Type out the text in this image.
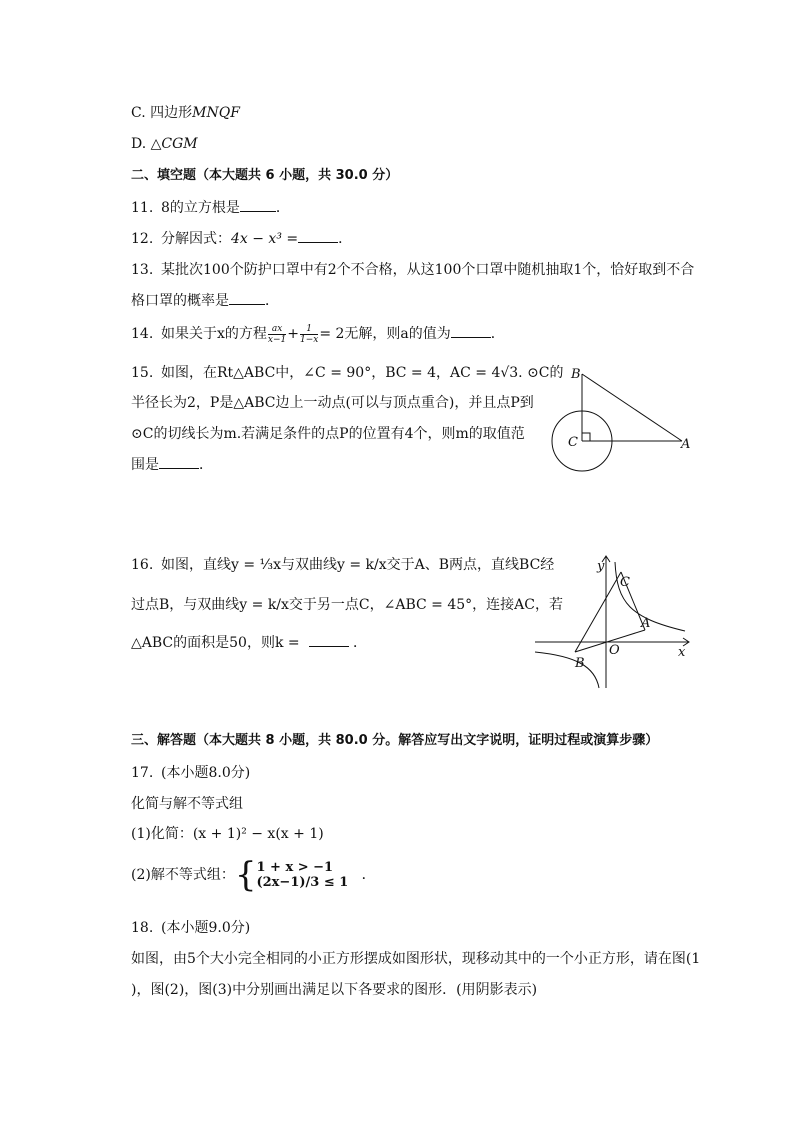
C. 四边形MNQF
D. △CGM
二、填空题（本大题共 6 小题，共 30.0 分）
11. 8的立方根是	．
12. 分解因式：4x − x³ =	．
13. 某批次100个防护口罩中有2个不合格，从这100个口罩中随机抽取1个，恰好取到不合
格口罩的概率是	．
14. 如果关于x的方程 $\frac{ax}{x-1} + \frac{1}{1-x} = 2$无解，则a的值为	．
15. 如图，在Rt△ABC中，∠C = 90°，BC = 4，AC = 4√3. ⊙C的
半径长为2，P是△ABC边上一动点(可以与顶点重合)，并且点P到
⊙C的切线长为m.若满足条件的点P的位置有4个，则m的取值范
围是	．
B
C	A
16. 如图，直线y = ⅓x与双曲线y = k/x交于A、B两点，直线BC经
过点B，与双曲线y = k/x交于另一点C，∠ABC = 45°，连接AC，若
△ABC的面积是50，则k =	．
y
x
O
A
B
C
三、解答题（本大题共 8 小题，共 80.0 分。解答应写出文字说明，证明过程或演算步骤）
17. (本小题8.0分)
化简与解不等式组
(1)化简：(x + 1)² − x(x + 1)
(2)解不等式组：{ 1 + x > −1
(2x−1)/3 ≤ 1 ．
18. (本小题9.0分)
如图，由5个大小完全相同的小正方形摆成如图形状，现移动其中的一个小正方形，请在图(1
)，图(2)，图(3)中分别画出满足以下各要求的图形．(用阴影表示)
